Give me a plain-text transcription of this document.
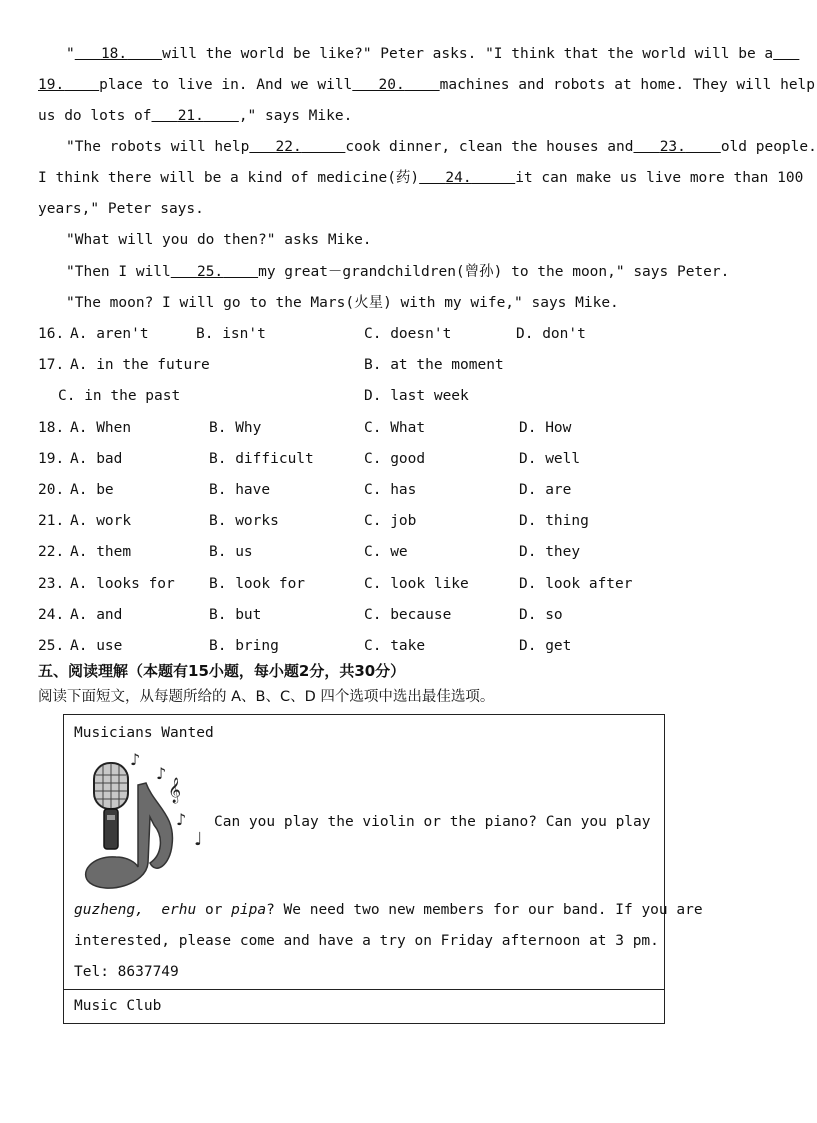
" 18. will the world be like?" Peter asks. "I think that the world will be a
19. place to live in. And we will 20. machines and robots at home. They will help
us do lots of 21. ," says Mike.
"The robots will help 22.	cook dinner, clean the houses and 23. old people.
I think there will be a kind of medicine(药) 24.	it can make us live more than 100
years," Peter says.
"What will you do then?" asks Mike.
"Then I will 25. my great－grandchildren(曾孙) to the moon," says Peter.
"The moon? I will go to the Mars(火星) with my wife," says Mike.
16. A. aren't	B. isn't	C. doesn't	D. don't
17. A. in the future	B. at the moment
C. in the past	D. last week
18. A. When	B. Why	C. What	D. How
19. A. bad	B. difficult	C. good	D. well
20. A. be	B. have	C. has	D. are
21. A. work	B. works	C. job	D. thing
22. A. them	B. us	C. we	D. they
23. A. looks for B. look for	C. look like	D. look after
24. A. and	B. but	C. because	D. so
25. A. use	B. bring	C. take	D. get
五、阅读理解（本题有15小题，每小题2分，共30分）
阅读下面短文，从每题所给的 A、B、C、D 四个选项中选出最佳选项。
Musicians Wanted
♪
♪
𝄞
♪
♩
Can you play the violin or the piano? Can you play
guzheng, erhu or pipa? We need two new members for our band. If you are
interested, please come and have a try on Friday afternoon at 3 pm.
Tel: 8637749
Music Club
